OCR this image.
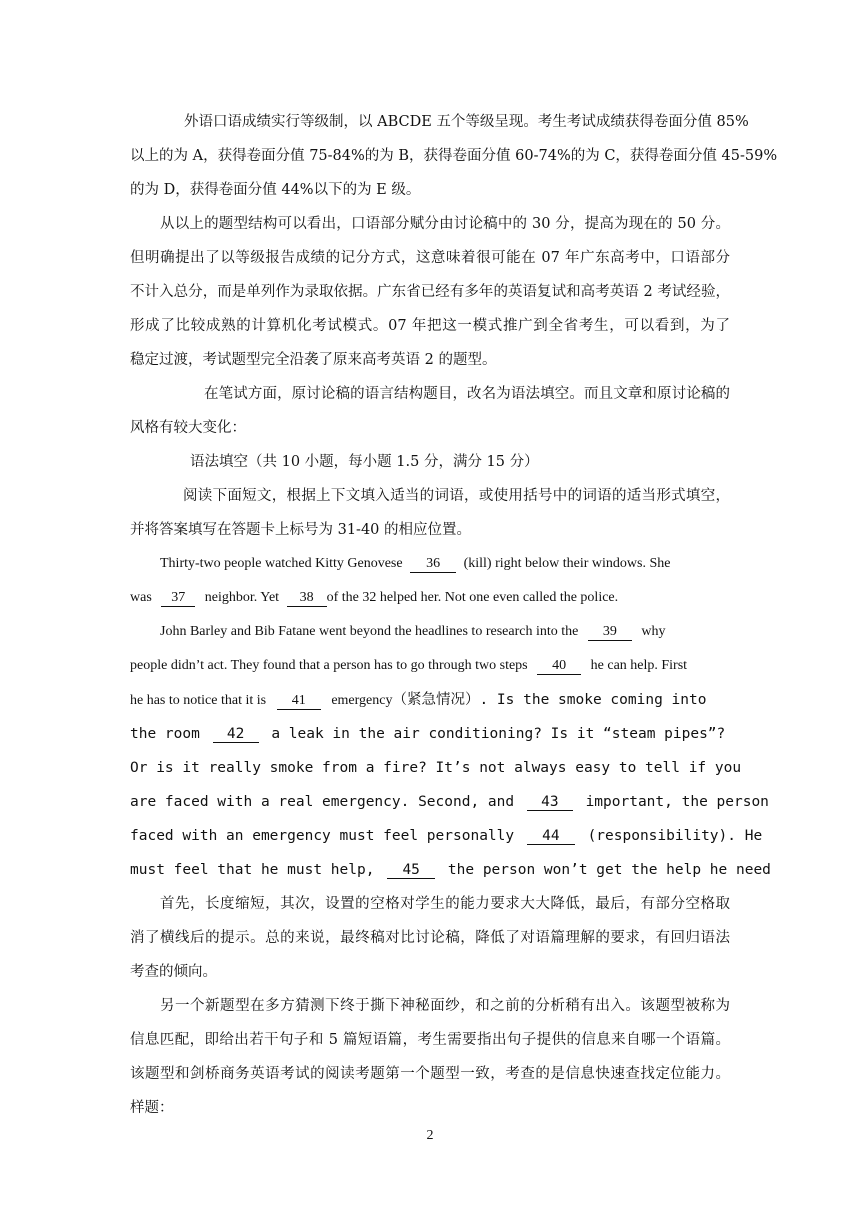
外语口语成绩实行等级制，以 ABCDE 五个等级呈现。考生考试成绩获得卷面分值 85%
以上的为 A，获得卷面分值 75-84%的为 B，获得卷面分值 60-74%的为 C，获得卷面分值 45-59%
的为 D，获得卷面分值 44%以下的为 E 级。
从以上的题型结构可以看出，口语部分赋分由讨论稿中的 30 分，提高为现在的 50 分。
但明确提出了以等级报告成绩的记分方式，这意味着很可能在 07 年广东高考中，口语部分
不计入总分，而是单列作为录取依据。广东省已经有多年的英语复试和高考英语 2 考试经验，
形成了比较成熟的计算机化考试模式。07 年把这一模式推广到全省考生，可以看到，为了
稳定过渡，考试题型完全沿袭了原来高考英语 2 的题型。
在笔试方面，原讨论稿的语言结构题目，改名为语法填空。而且文章和原讨论稿的
风格有较大变化：
语法填空（共 10 小题，每小题 1.5 分，满分 15 分）
阅读下面短文，根据上下文填入适当的词语，或使用括号中的词语的适当形式填空，
并将答案填写在答题卡上标号为 31-40 的相应位置。
Thirty-two people watched Kitty Genovese 36 (kill) right below their windows. She
was 37 neighbor. Yet 38 of the 32 helped her. Not one even called the police.
John Barley and Bib Fatane went beyond the headlines to research into the 39 why
people didn’t act. They found that a person has to go through two steps 40 he can help. First
he has to notice that it is 41 emergency（紧急情况）. Is the smoke coming into
the room 42 a leak in the air conditioning? Is it “steam pipes”?
Or is it really smoke from a fire? It’s not always easy to tell if you
are faced with a real emergency. Second, and 43 important, the person
faced with an emergency must feel personally 44 (responsibility). He
must feel that he must help, 45 the person won’t get the help he need
首先，长度缩短，其次，设置的空格对学生的能力要求大大降低，最后，有部分空格取
消了横线后的提示。总的来说，最终稿对比讨论稿，降低了对语篇理解的要求，有回归语法
考查的倾向。
另一个新题型在多方猜测下终于撕下神秘面纱，和之前的分析稍有出入。该题型被称为
信息匹配，即给出若干句子和 5 篇短语篇，考生需要指出句子提供的信息来自哪一个语篇。
该题型和剑桥商务英语考试的阅读考题第一个题型一致，考查的是信息快速查找定位能力。
样题：
2
